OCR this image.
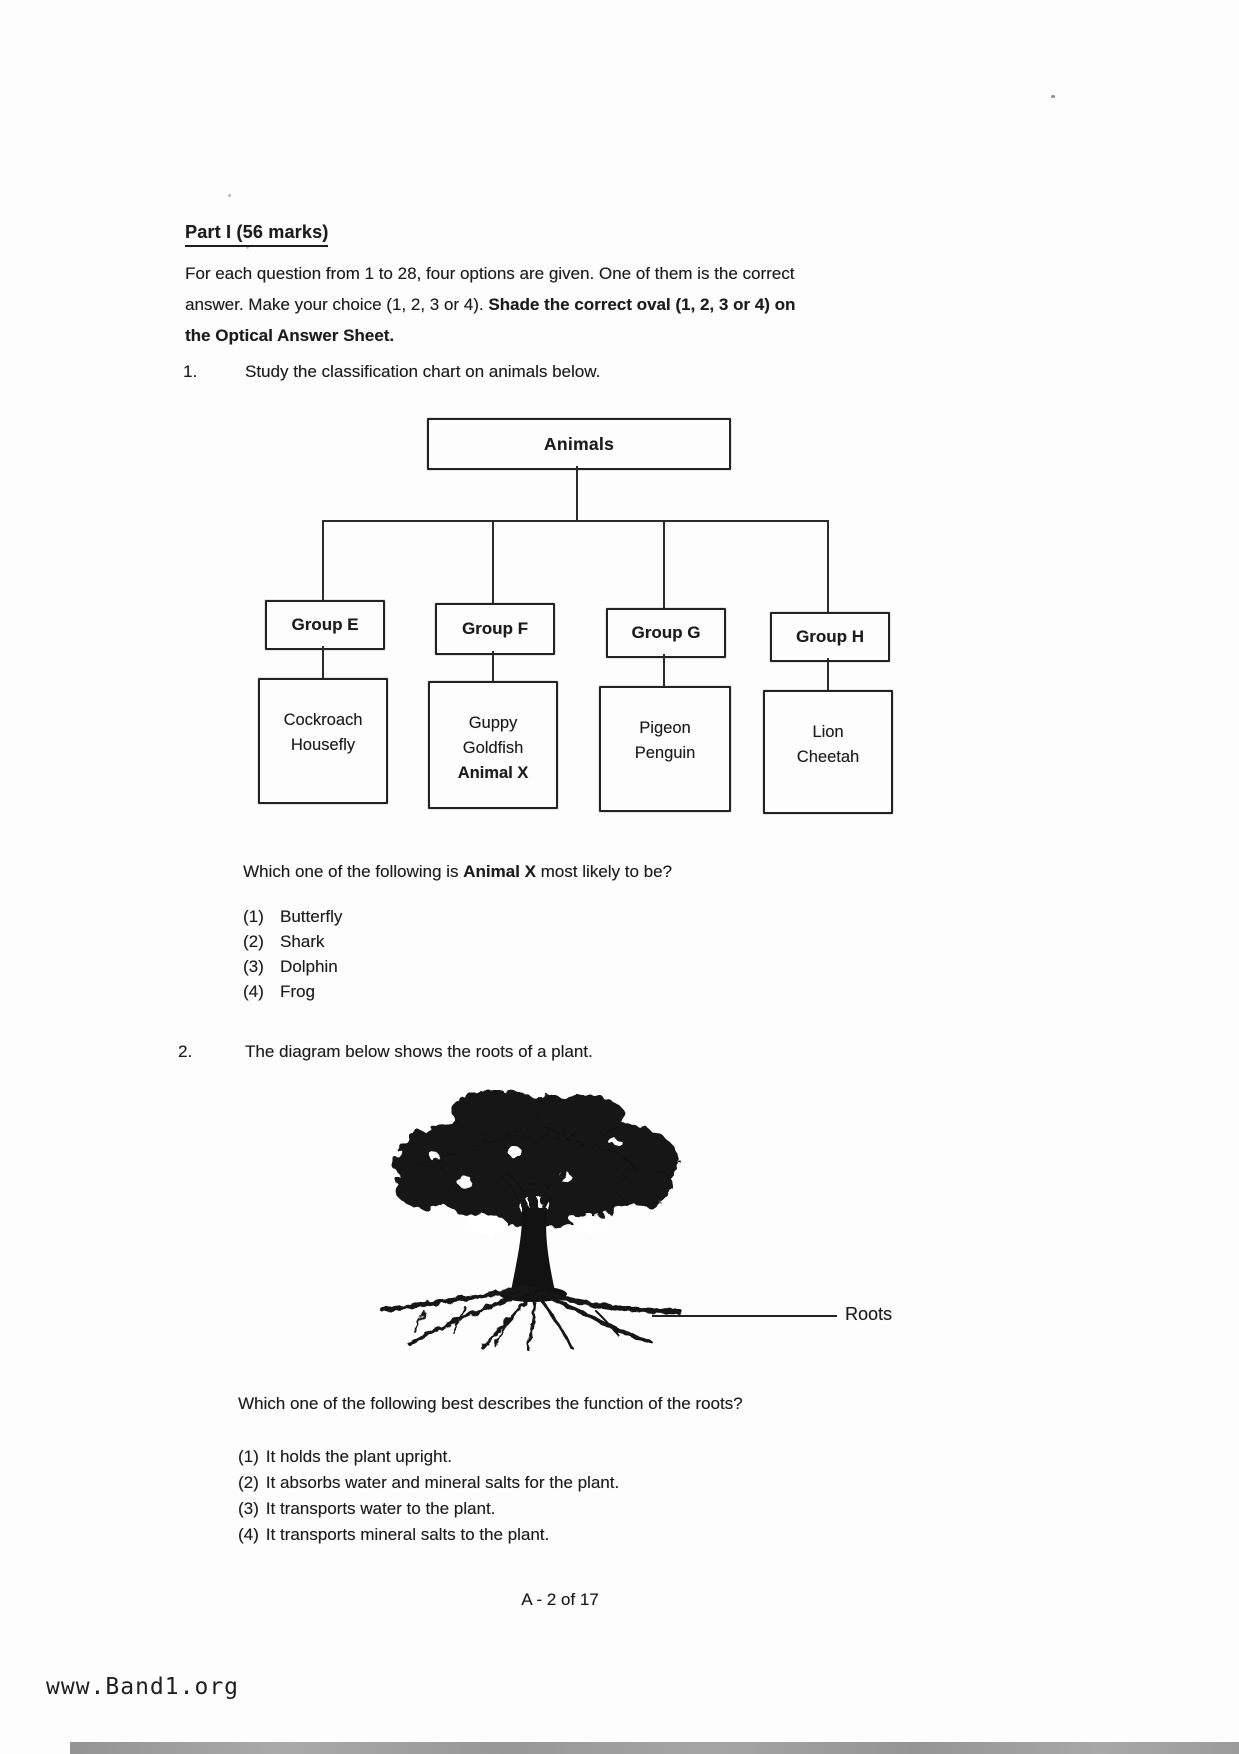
Part I (56 marks)
For each question from 1 to 28, four options are given. One of them is the correct
answer. Make your choice (1, 2, 3 or 4). Shade the correct oval (1, 2, 3 or 4) on
the Optical Answer Sheet.
1.	Study the classification chart on animals below.
Animals
Group E	Group F	Group G	Group H
Cockroach
Housefly
Guppy
Goldfish
Animal X
Pigeon
Penguin
Lion
Cheetah
Which one of the following is Animal X most likely to be?
(1) Butterfly
(2) Shark
(3) Dolphin
(4) Frog
2.	The diagram below shows the roots of a plant.
Roots
Which one of the following best describes the function of the roots?
(1) It holds the plant upright.
(2) It absorbs water and mineral salts for the plant.
(3) It transports water to the plant.
(4) It transports mineral salts to the plant.
A - 2 of 17
www.Band1.org
